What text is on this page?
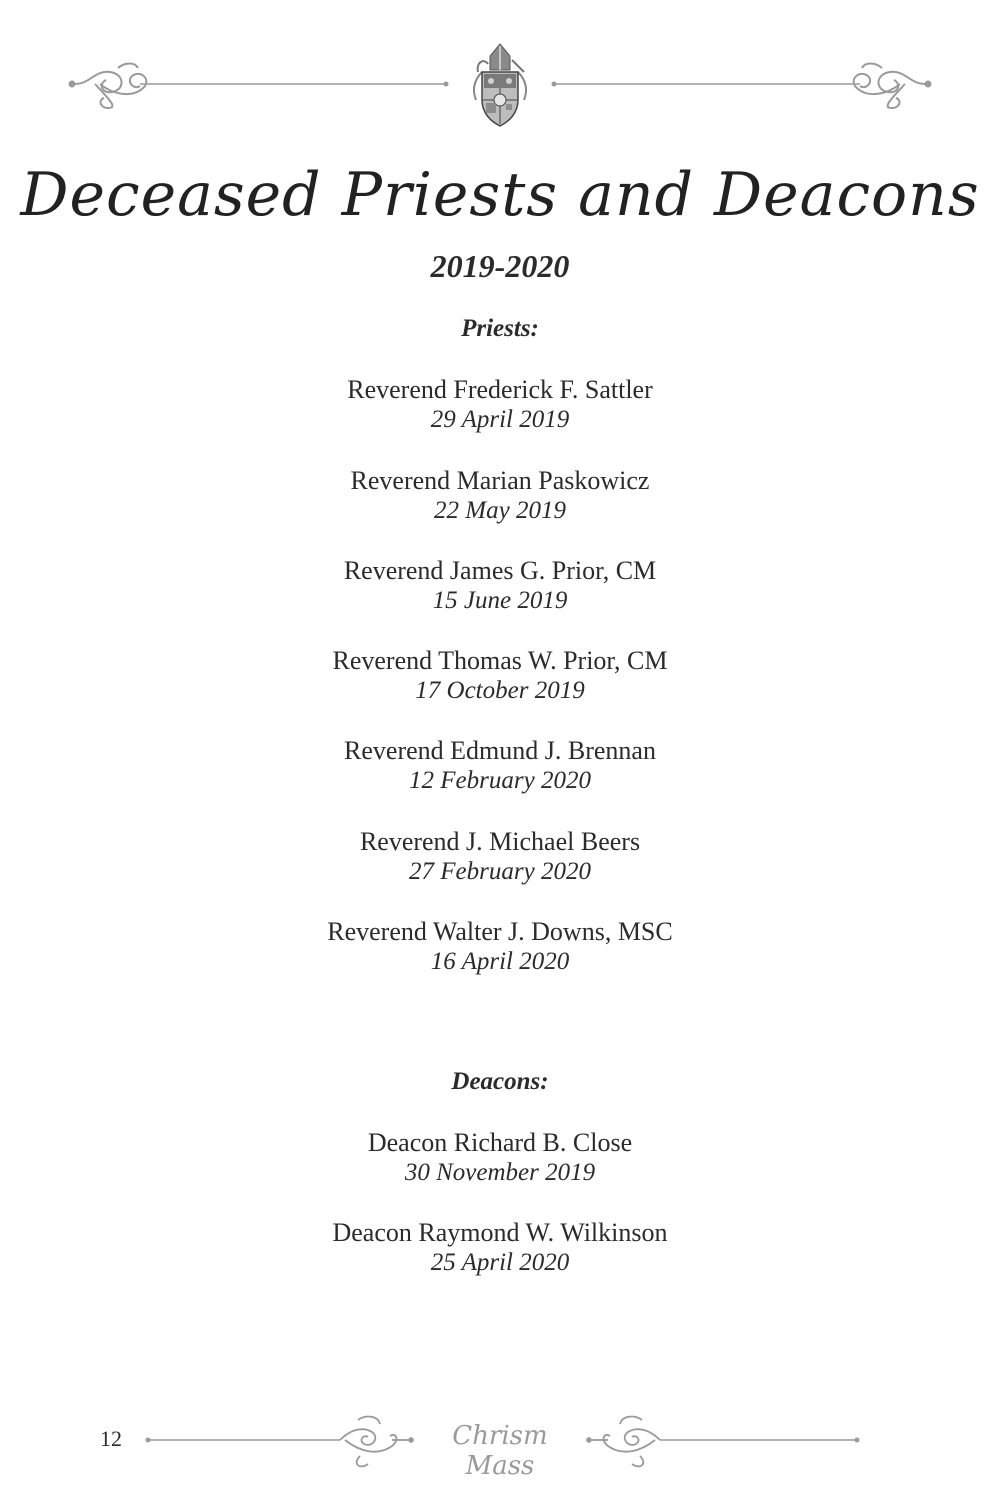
Deceased Priests and Deacons
2019-2020
Priests:
Reverend Frederick F. Sattler
29 April 2019
Reverend Marian Paskowicz
22 May 2019
Reverend James G. Prior, CM
15 June 2019
Reverend Thomas W. Prior, CM
17 October 2019
Reverend Edmund J. Brennan
12 February 2020
Reverend J. Michael Beers
27 February 2020
Reverend Walter J. Downs, MSC
16 April 2020
Deacons:
Deacon Richard B. Close
30 November 2019
Deacon Raymond W. Wilkinson
25 April 2020
12	Chrism Mass
